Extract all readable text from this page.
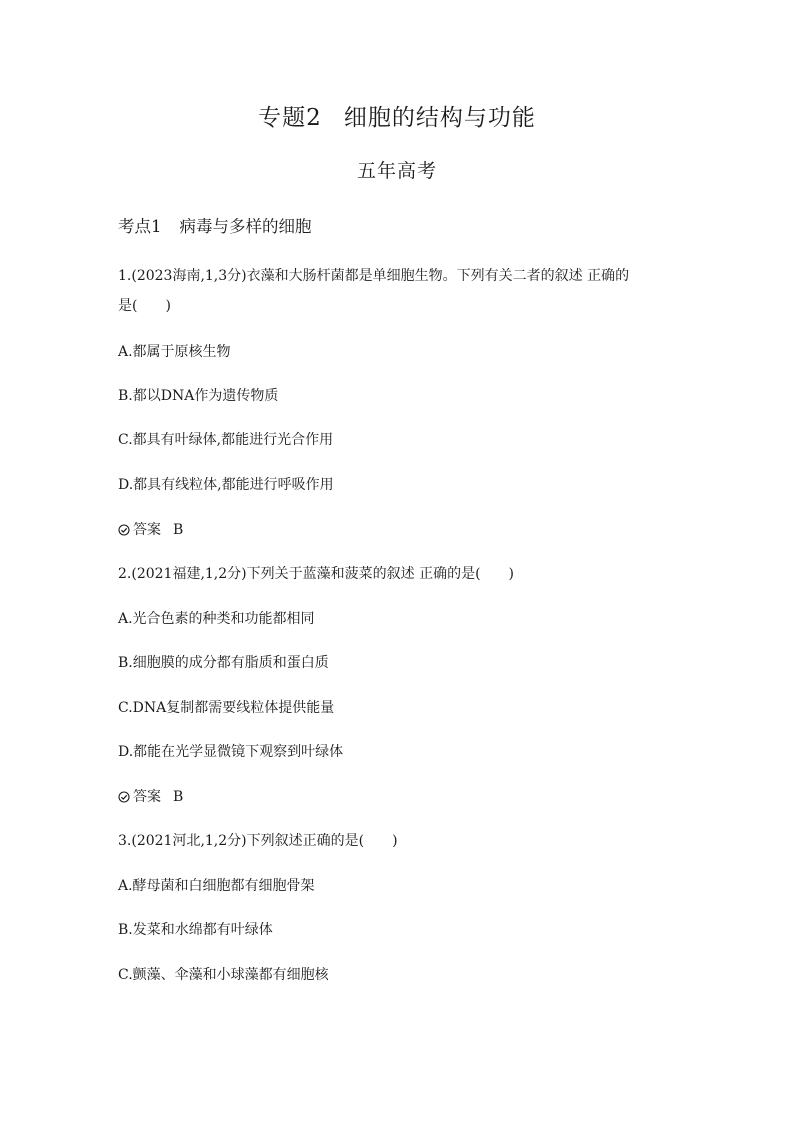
专题2 细胞的结构与功能
五年高考
考点1 病毒与多样的细胞
1.(2023海南,1,3分)衣藻和大肠杆菌都是单细胞生物。下列有关二者的叙述 正确的
是(　　)
A.都属于原核生物
B.都以DNA作为遗传物质
C.都具有叶绿体,都能进行光合作用
D.都具有线粒体,都能进行呼吸作用
答案 B
2.(2021福建,1,2分)下列关于蓝藻和菠菜的叙述 正确的是(　　)
A.光合色素的种类和功能都相同
B.细胞膜的成分都有脂质和蛋白质
C.DNA复制都需要线粒体提供能量
D.都能在光学显微镜下观察到叶绿体
答案 B
3.(2021河北,1,2分)下列叙述正确的是(　　)
A.酵母菌和白细胞都有细胞骨架
B.发菜和水绵都有叶绿体
C.颤藻、伞藻和小球藻都有细胞核
